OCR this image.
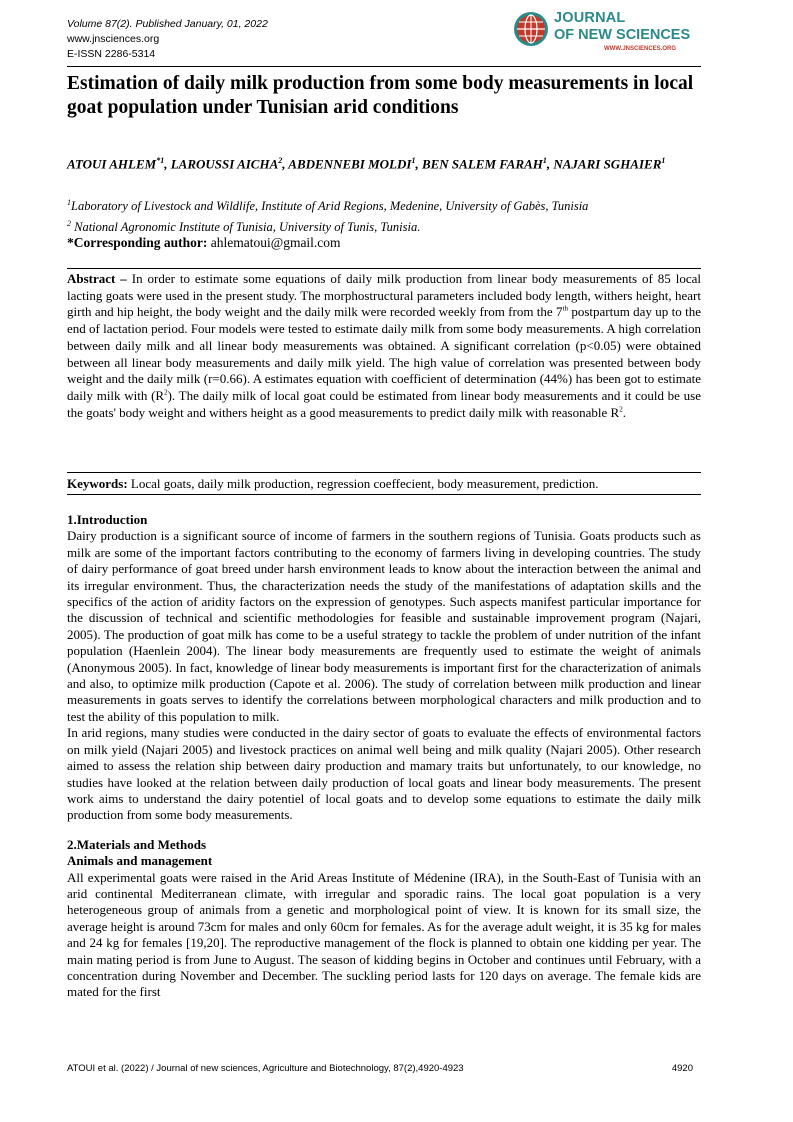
Volume 87(2). Published January, 01, 2022
www.jnsciences.org
E-ISSN 2286-5314
JOURNAL
OF NEW SCIENCES
WWW.JNSCIENCES.ORG
Estimation of daily milk production from some body measurements in local goat population under Tunisian arid conditions
ATOUI AHLEM$^{*1}$, LAROUSSI AICHA$^2$, ABDENNEBI MOLDI$^1$, BEN SALEM FARAH$^1$, NAJARI SGHAIER$^1$
$^1$Laboratory of Livestock and Wildlife, Institute of Arid Regions, Medenine, University of Gabès, Tunisia
$^2$ National Agronomic Institute of Tunisia, University of Tunis, Tunisia.
*Corresponding author: ahlematoui@gmail.com
Abstract – In order to estimate some equations of daily milk production from linear body measurements of 85 local lacting goats were used in the present study. The morphostructural parameters included body length, withers height, heart girth and hip height, the body weight and the daily milk were recorded weekly from from the 7th postpartum day up to the end of lactation period. Four models were tested to estimate daily milk from some body measurements. A high correlation between daily milk and all linear body measurements was obtained. A significant correlation (p<0.05) were obtained between all linear body measurements and daily milk yield. The high value of correlation was presented between body weight and the daily milk (r=0.66). A estimates equation with coefficient of determination (44%) has been got to estimate daily milk with $(R^2)$. The daily milk of local goat could be estimated from linear body measurements and it could be use the goats' body weight and withers height as a good measurements to predict daily milk with reasonable $R^2$.
Keywords: Local goats, daily milk production, regression coeffecient, body measurement, prediction.

1.Introduction

Dairy production is a significant source of income of farmers in the southern regions of Tunisia. Goats products such as milk are some of the important factors contributing to the economy of farmers living in developing countries. The study of dairy performance of goat breed under harsh environment leads to know about the interaction between the animal and its irregular environment. Thus, the characterization needs the study of the manifestations of adaptation skills and the specifics of the action of aridity factors on the expression of genotypes. Such aspects manifest particular importance for the discussion of technical and scientific methodologies for feasible and sustainable improvement program (Najari, 2005). The production of goat milk has come to be a useful strategy to tackle the problem of under nutrition of the infant population (Haenlein 2004). The linear body measurements are frequently used to estimate the weight of animals (Anonymous 2005). In fact, knowledge of linear body measurements is important first for the characterization of animals and also, to optimize milk production (Capote et al. 2006). The study of correlation between milk production and linear measurements in goats serves to identify the correlations between morphological characters and milk production and to test the ability of this population to milk.

In arid regions, many studies were conducted in the dairy sector of goats to evaluate the effects of environmental factors on milk yield (Najari 2005) and livestock practices on animal well being and milk quality (Najari 2005). Other research aimed to assess the relation ship between dairy production and mamary traits but unfortunately, to our knowledge, no studies have looked at the relation between daily production of local goats and linear body measurements. The present work aims to understand the dairy potentiel of local goats and to develop some equations to estimate the daily milk production from some body measurements.

2.Materials and Methods

Animals and management

All experimental goats were raised in the Arid Areas Institute of Médenine (IRA), in the South-East of Tunisia with an arid continental Mediterranean climate, with irregular and sporadic rains. The local goat population is a very heterogeneous group of animals from a genetic and morphological point of view. It is known for its small size, the average height is around 73cm for males and only 60cm for females. As for the average adult weight, it is 35 kg for males and 24 kg for females [19,20]. The reproductive management of the flock is planned to obtain one kidding per year. The main mating period is from June to August. The season of kidding begins in October and continues until February, with a concentration during November and December. The suckling period lasts for 120 days on average. The female kids are mated for the first

ATOUI et al. (2022) / Journal of new sciences, Agriculture and Biotechnology, 87(2),4920-4923	4920
